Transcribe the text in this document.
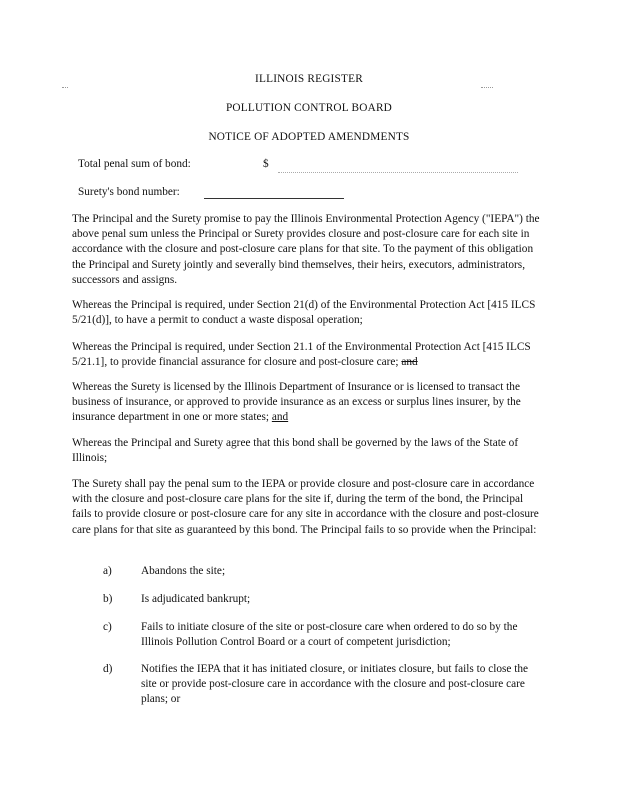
ILLINOIS REGISTER
POLLUTION CONTROL BOARD
NOTICE OF ADOPTED AMENDMENTS
Total penal sum of bond:	$
Surety's bond number:

The Principal and the Surety promise to pay the Illinois Environmental Protection Agency ("IEPA") the above penal sum unless the Principal or Surety provides closure and post-closure care for each site in accordance with the closure and post-closure care plans for that site. To the payment of this obligation the Principal and Surety jointly and severally bind themselves, their heirs, executors, administrators, successors and assigns.

Whereas the Principal is required, under Section 21(d) of the Environmental Protection Act [415 ILCS 5/21(d)], to have a permit to conduct a waste disposal operation;

Whereas the Principal is required, under Section 21.1 of the Environmental Protection Act [415 ILCS 5/21.1], to provide financial assurance for closure and post-closure care; and

Whereas the Surety is licensed by the Illinois Department of Insurance or is licensed to transact the business of insurance, or approved to provide insurance as an excess or surplus lines insurer, by the insurance department in one or more states; and

Whereas the Principal and Surety agree that this bond shall be governed by the laws of the State of Illinois;

The Surety shall pay the penal sum to the IEPA or provide closure and post-closure care in accordance with the closure and post-closure care plans for the site if, during the term of the bond, the Principal fails to provide closure or post-closure care for any site in accordance with the closure and post-closure care plans for that site as guaranteed by this bond. The Principal fails to so provide when the Principal:

a)	Abandons the site;

b)	Is adjudicated bankrupt;

c)	Fails to initiate closure of the site or post-closure care when ordered to do so by the Illinois Pollution Control Board or a court of competent jurisdiction;

d)	Notifies the IEPA that it has initiated closure, or initiates closure, but fails to close the site or provide post-closure care in accordance with the closure and post-closure care plans; or
